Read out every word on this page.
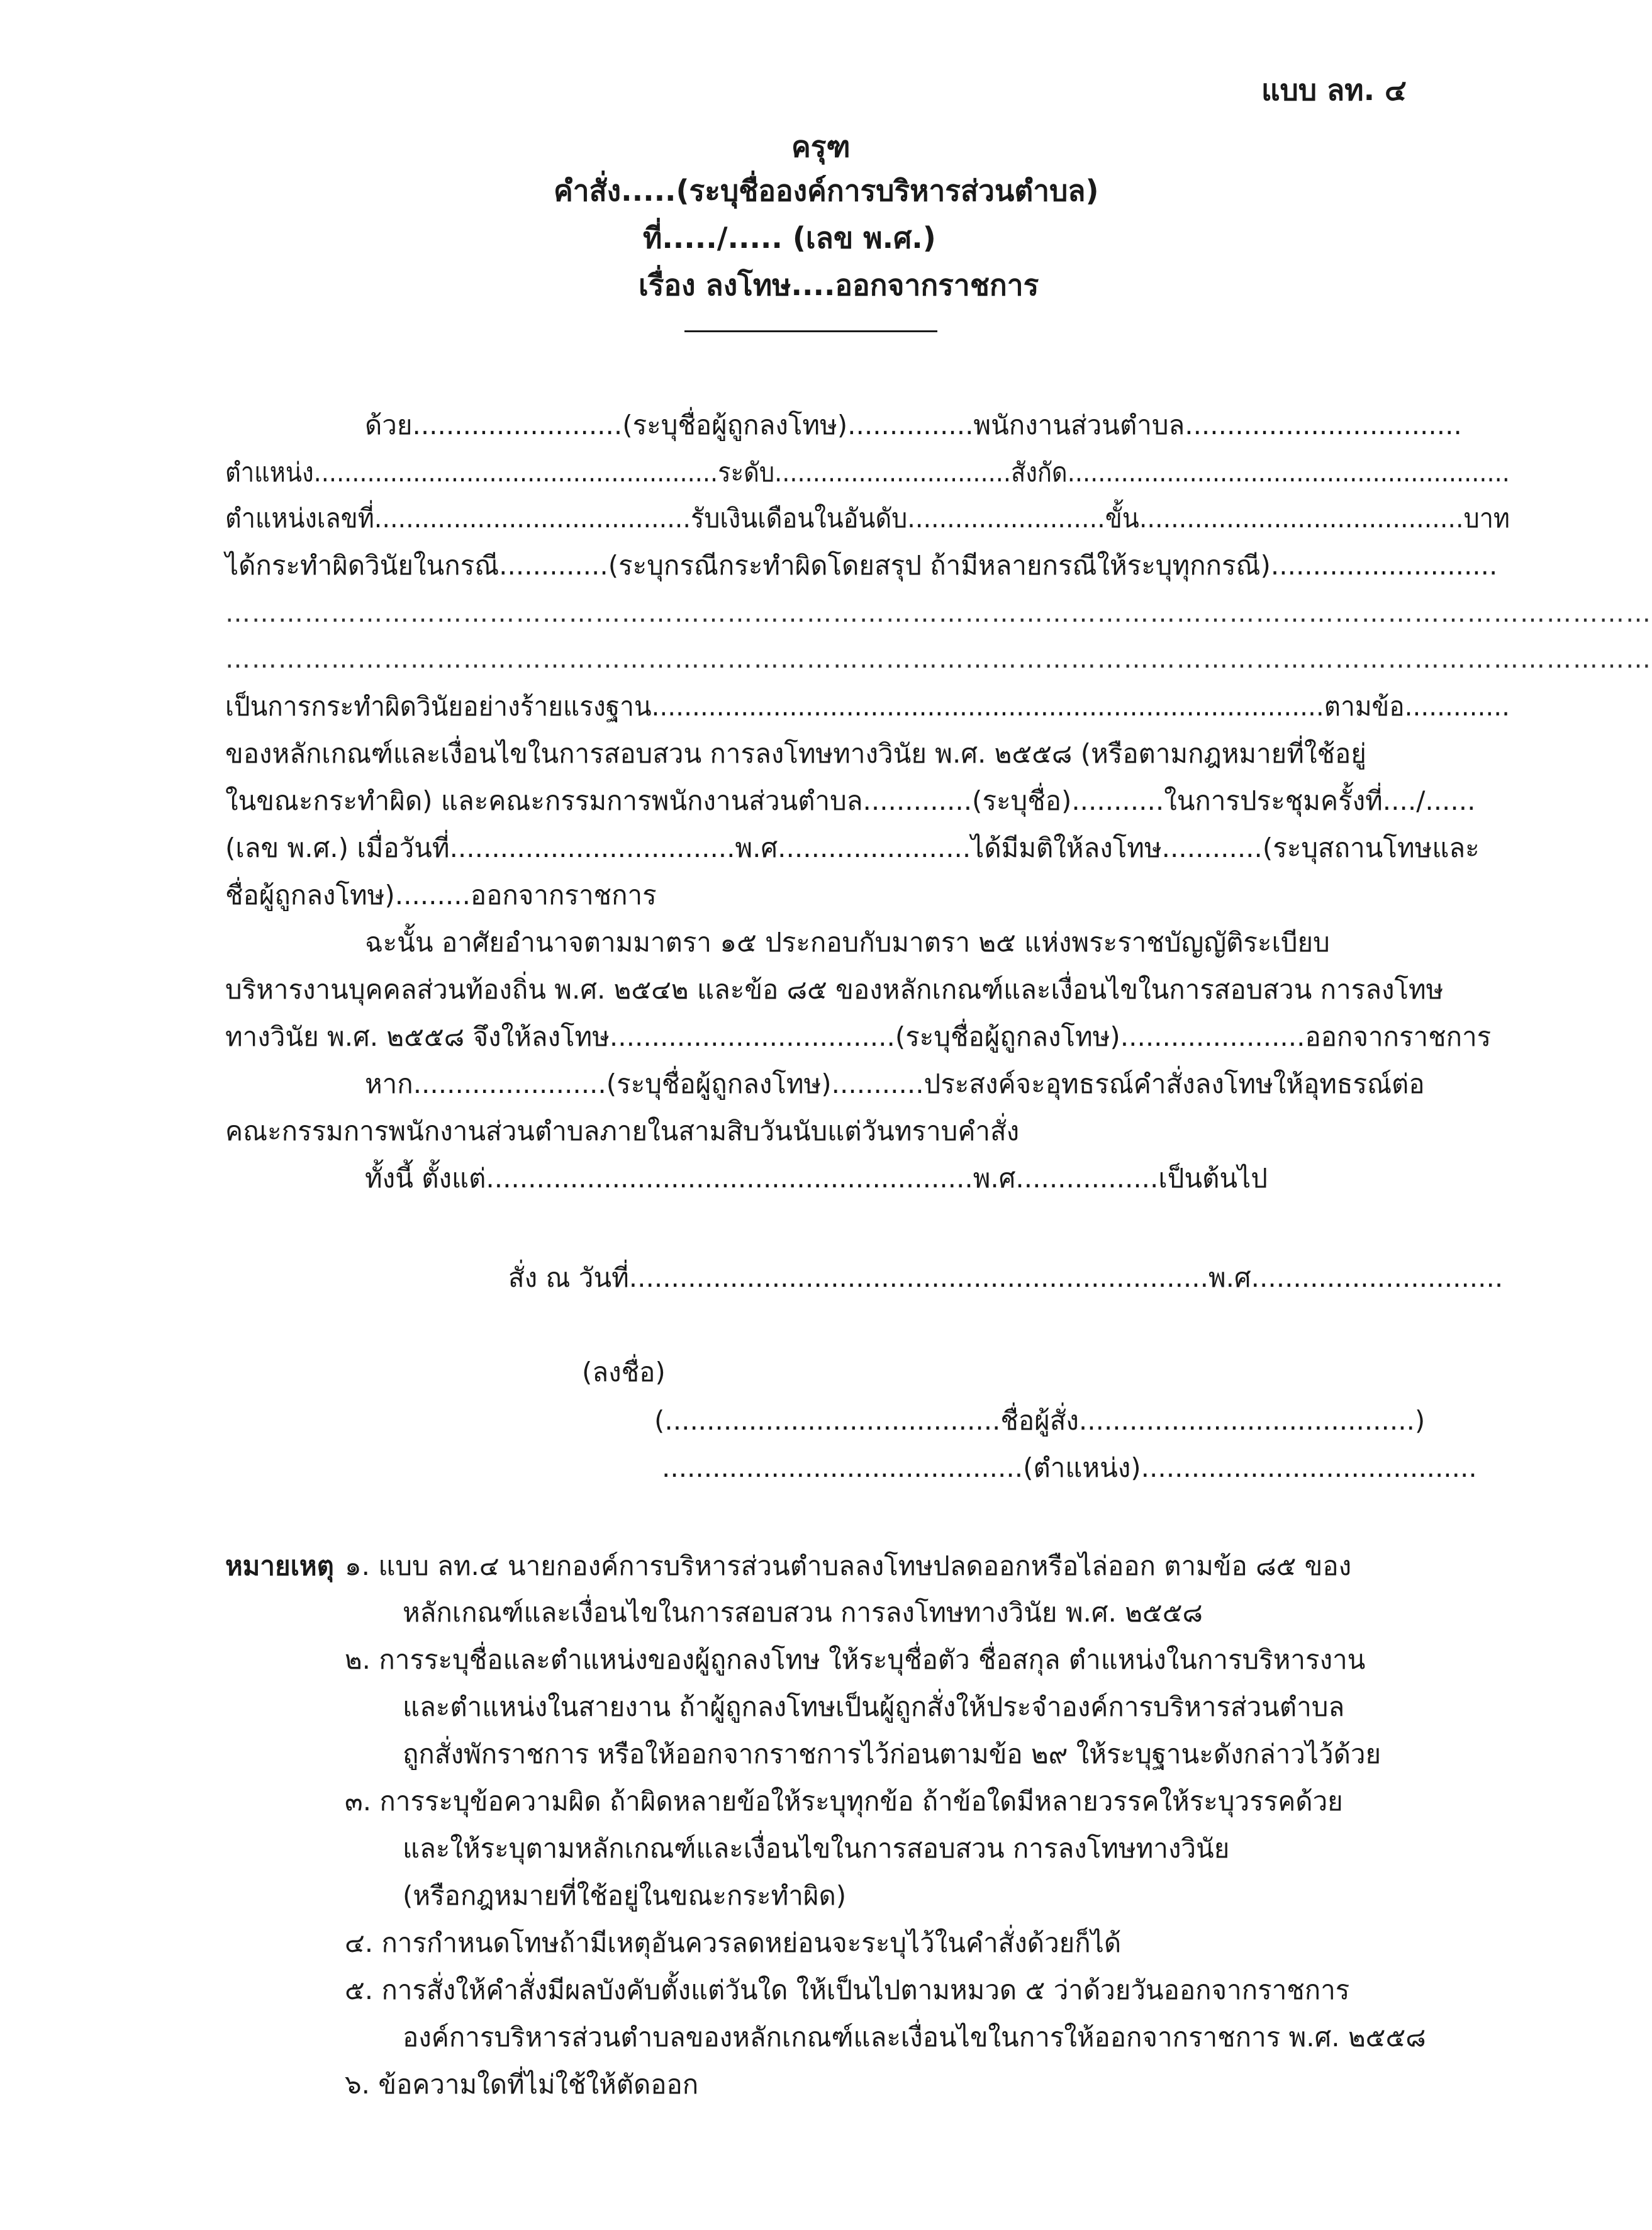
แบบ ลท. ๔
ครุฑ
คำสั่ง.....(ระบุชื่อองค์การบริหารส่วนตำบล)
ที่...../..... (เลข พ.ศ.)
เรื่อง ลงโทษ....ออกจากราชการ
ด้วย.........................(ระบุชื่อผู้ถูกลงโทษ)...............พนักงานส่วนตำบล.................................
ตำแหน่ง.....................................................ระดับ...............................สังกัด..........................................................
ตำแหน่งเลขที่........................................รับเงินเดือนในอันดับ.........................ขั้น.........................................บาท
ได้กระทำผิดวินัยในกรณี.............(ระบุกรณีกระทำผิดโดยสรุป ถ้ามีหลายกรณีให้ระบุทุกกรณี)...........................
………………………………………………………………………………………………………………………………………………
………………………………………………………………………………………………………………………………………………
เป็นการกระทำผิดวินัยอย่างร้ายแรงฐาน...................................................................................ตามข้อ.............
ของหลักเกณฑ์และเงื่อนไขในการสอบสวน การลงโทษทางวินัย พ.ศ. ๒๕๕๘ (หรือตามกฎหมายที่ใช้อยู่
ในขณะกระทำผิด) และคณะกรรมการพนักงานส่วนตำบล.............(ระบุชื่อ)...........ในการประชุมครั้งที่..../......
(เลข พ.ศ.) เมื่อวันที่..................................พ.ศ.......................ได้มีมติให้ลงโทษ............(ระบุสถานโทษและ
ชื่อผู้ถูกลงโทษ).........ออกจากราชการ
ฉะนั้น อาศัยอำนาจตามมาตรา ๑๕ ประกอบกับมาตรา ๒๕ แห่งพระราชบัญญัติระเบียบ
บริหารงานบุคคลส่วนท้องถิ่น พ.ศ. ๒๕๔๒ และข้อ ๘๕ ของหลักเกณฑ์และเงื่อนไขในการสอบสวน การลงโทษ
ทางวินัย พ.ศ. ๒๕๕๘ จึงให้ลงโทษ..................................(ระบุชื่อผู้ถูกลงโทษ)......................ออกจากราชการ
หาก.......................(ระบุชื่อผู้ถูกลงโทษ)...........ประสงค์จะอุทธรณ์คำสั่งลงโทษให้อุทธรณ์ต่อ
คณะกรรมการพนักงานส่วนตำบลภายในสามสิบวันนับแต่วันทราบคำสั่ง
ทั้งนี้ ตั้งแต่..........................................................พ.ศ.................เป็นต้นไป
สั่ง ณ วันที่.....................................................................พ.ศ..............................
(ลงชื่อ)
(........................................ชื่อผู้สั่ง........................................)
...........................................(ตำแหน่ง)........................................
หมายเหตุ ๑. แบบ ลท.๔ นายกองค์การบริหารส่วนตำบลลงโทษปลดออกหรือไล่ออก ตามข้อ ๘๕ ของ
หลักเกณฑ์และเงื่อนไขในการสอบสวน การลงโทษทางวินัย พ.ศ. ๒๕๕๘
๒. การระบุชื่อและตำแหน่งของผู้ถูกลงโทษ ให้ระบุชื่อตัว ชื่อสกุล ตำแหน่งในการบริหารงาน
และตำแหน่งในสายงาน ถ้าผู้ถูกลงโทษเป็นผู้ถูกสั่งให้ประจำองค์การบริหารส่วนตำบล
ถูกสั่งพักราชการ หรือให้ออกจากราชการไว้ก่อนตามข้อ ๒๙ ให้ระบุฐานะดังกล่าวไว้ด้วย
๓. การระบุข้อความผิด ถ้าผิดหลายข้อให้ระบุทุกข้อ ถ้าข้อใดมีหลายวรรคให้ระบุวรรคด้วย
และให้ระบุตามหลักเกณฑ์และเงื่อนไขในการสอบสวน การลงโทษทางวินัย
(หรือกฎหมายที่ใช้อยู่ในขณะกระทำผิด)
๔. การกำหนดโทษถ้ามีเหตุอันควรลดหย่อนจะระบุไว้ในคำสั่งด้วยก็ได้
๕. การสั่งให้คำสั่งมีผลบังคับตั้งแต่วันใด ให้เป็นไปตามหมวด ๕ ว่าด้วยวันออกจากราชการ
องค์การบริหารส่วนตำบลของหลักเกณฑ์และเงื่อนไขในการให้ออกจากราชการ พ.ศ. ๒๕๕๘
๖. ข้อความใดที่ไม่ใช้ให้ตัดออก
